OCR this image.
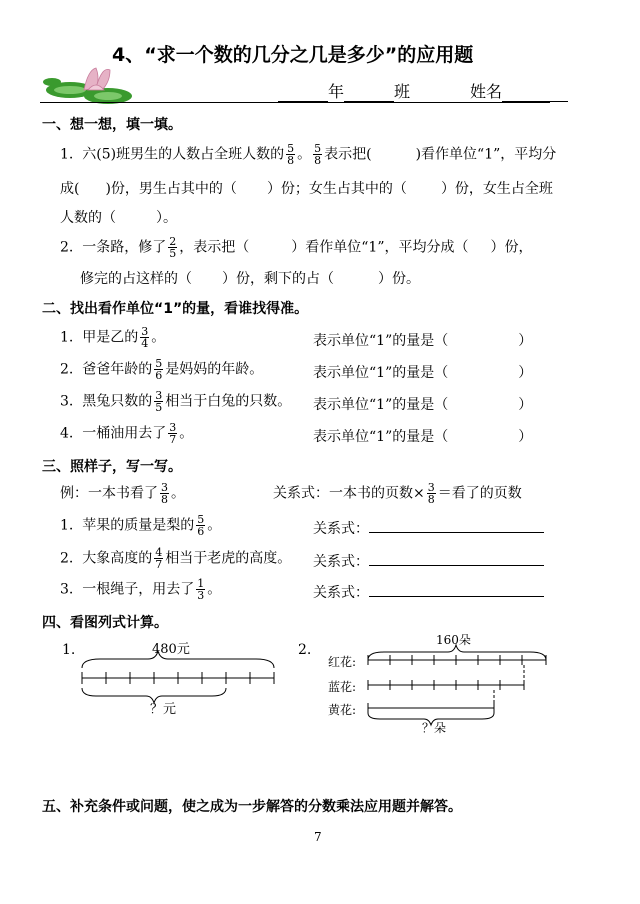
4、“求一个数的几分之几是多少”的应用题
年	班	姓名
一、想一想，填一填。
1. 六(5)班男生的人数占全班人数的 $\frac{5}{8}$ 。 $\frac{5}{8}$ 表示把(	)看作单位“1”，平均分
成( )份，男生占其中的（ ）份；女生占其中的（ ）份，女生占全班
人数的（	）。
2. 一条路，修了 $\frac{2}{5}$ ，表示把（	）看作单位“1”，平均分成（ ）份，
修完的占这样的（ ）份，剩下的占（	）份。
二、找出看作单位“1”的量，看谁找得准。
1. 甲是乙的 $\frac{3}{4}$ 。	表示单位“1”的量是（	）
2. 爸爸年龄的 $\frac{5}{6}$ 是妈妈的年龄。	表示单位“1”的量是（	）
3. 黑兔只数的 $\frac{3}{5}$ 相当于白兔的只数。 表示单位“1”的量是（	）
4. 一桶油用去了 $\frac{3}{7}$ 。	表示单位“1”的量是（	）
三、照样子，写一写。
例：一本书看了 $\frac{3}{8}$ 。	关系式：一本书的页数× $\frac{3}{8}$ ＝看了的页数
1. 苹果的质量是梨的 $\frac{5}{6}$ 。	关系式：
2. 大象高度的 $\frac{4}{7}$ 相当于老虎的高度。 关系式：
3. 一根绳子，用去了 $\frac{1}{3}$ 。	关系式：
四、看图列式计算。
1.	2.
480元
？元
160朵
红花:
蓝花:
黄花:
？朵
五、补充条件或问题，使之成为一步解答的分数乘法应用题并解答。
7
